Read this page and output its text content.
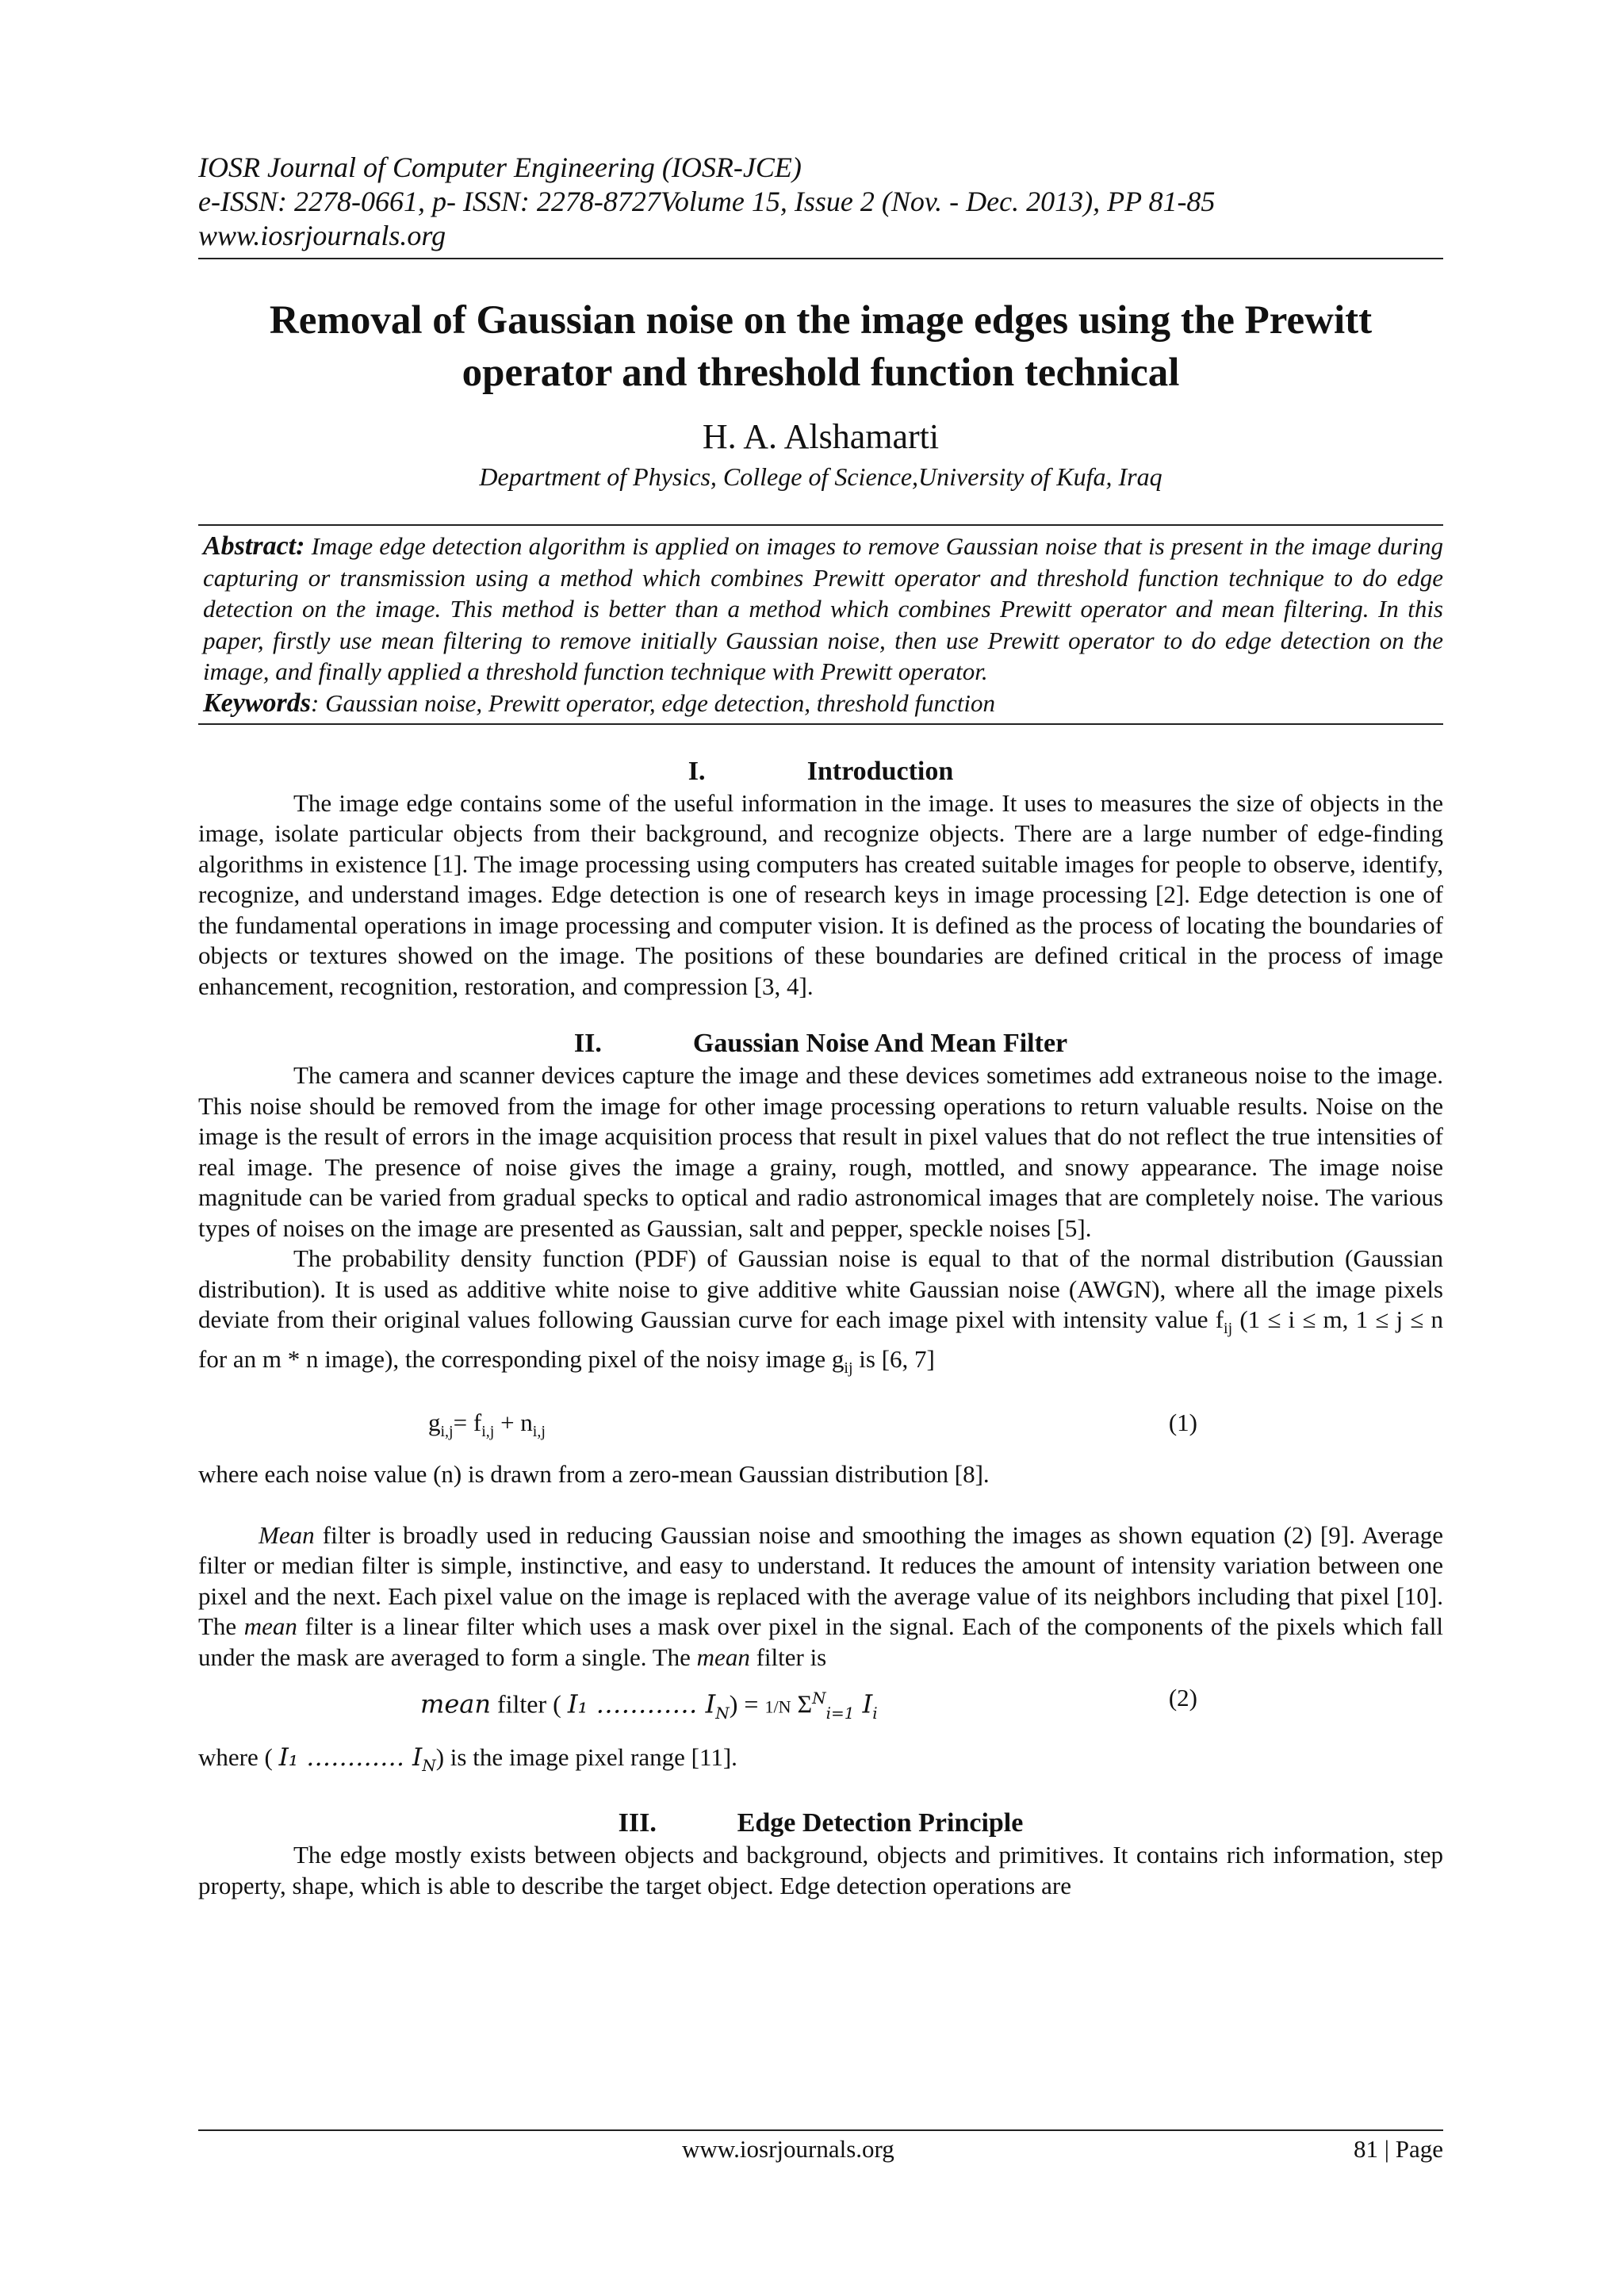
IOSR Journal of Computer Engineering (IOSR-JCE)
e-ISSN: 2278-0661, p- ISSN: 2278-8727Volume 15, Issue 2 (Nov. - Dec. 2013), PP 81-85
www.iosrjournals.org
Removal of Gaussian noise on the image edges using the Prewitt
operator and threshold function technical
H. A. Alshamarti
Department of Physics, College of Science,University of Kufa, Iraq
Abstract: Image edge detection algorithm is applied on images to remove Gaussian noise that is present in the image during capturing or transmission using a method which combines Prewitt operator and threshold function technique to do edge detection on the image. This method is better than a method which combines Prewitt operator and mean filtering. In this paper, firstly use mean filtering to remove initially Gaussian noise, then use Prewitt operator to do edge detection on the image, and finally applied a threshold function technique with Prewitt operator.
Keywords: Gaussian noise, Prewitt operator, edge detection, threshold function
I.	Introduction

The image edge contains some of the useful information in the image. It uses to measures the size of objects in the image, isolate particular objects from their background, and recognize objects. There are a large number of edge-finding algorithms in existence [1]. The image processing using computers has created suitable images for people to observe, identify, recognize, and understand images. Edge detection is one of research keys in image processing [2]. Edge detection is one of the fundamental operations in image processing and computer vision. It is defined as the process of locating the boundaries of objects or textures showed on the image. The positions of these boundaries are defined critical in the process of image enhancement, recognition, restoration, and compression [3, 4].

II.	Gaussian Noise And Mean Filter

The camera and scanner devices capture the image and these devices sometimes add extraneous noise to the image. This noise should be removed from the image for other image processing operations to return valuable results. Noise on the image is the result of errors in the image acquisition process that result in pixel values that do not reflect the true intensities of real image. The presence of noise gives the image a grainy, rough, mottled, and snowy appearance. The image noise magnitude can be varied from gradual specks to optical and radio astronomical images that are completely noise. The various types of noises on the image are presented as Gaussian, salt and pepper, speckle noises [5].

The probability density function (PDF) of Gaussian noise is equal to that of the normal distribution (Gaussian distribution). It is used as additive white noise to give additive white Gaussian noise (AWGN), where all the image pixels deviate from their original values following Gaussian curve for each image pixel with intensity value $f_{ij}$ (1 ≤ i ≤ m, 1 ≤ j ≤ n for an m * n image), the corresponding pixel of the noisy image $g_{ij}$ is [6, 7]

$g_{i,j}= f_{i,j} + n_{i,j}$	(1)

where each noise value (n) is drawn from a zero-mean Gaussian distribution [8].

Mean filter is broadly used in reducing Gaussian noise and smoothing the images as shown equation (2) [9]. Average filter or median filter is simple, instinctive, and easy to understand. It reduces the amount of intensity variation between one pixel and the next. Each pixel value on the image is replaced with the average value of its neighbors including that pixel [10]. The mean filter is a linear filter which uses a mask over pixel in the signal. Each of the components of the pixels which fall under the mask are averaged to form a single. The mean filter is

mean filter ( I₁ ………… $I_N) = 1/N$ $\Sigma^N_{i=1}$ $I_i$
(2)

where ( I₁ ………… $I_N$) is the image pixel range [11].

III.	Edge Detection Principle

The edge mostly exists between objects and background, objects and primitives. It contains rich information, step property, shape, which is able to describe the target object. Edge detection operations are

www.iosrjournals.org	81 | Page
